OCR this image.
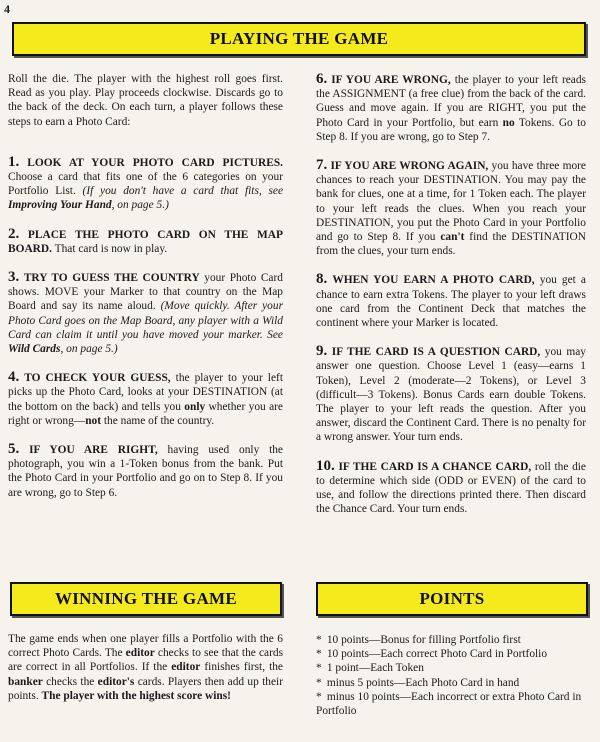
4
PLAYING THE GAME

Roll the die. The player with the highest roll goes first. Read as you play. Play proceeds clockwise. Discards go to the back of the deck. On each turn, a player follows these steps to earn a Photo Card:

1. LOOK AT YOUR PHOTO CARD PICTURES. Choose a card that fits one of the 6 categories on your Portfolio List. (If you don't have a card that fits, see Improving Your Hand, on page 5.)

2. PLACE THE PHOTO CARD ON THE MAP BOARD. That card is now in play.

3. TRY TO GUESS THE COUNTRY your Photo Card shows. MOVE your Marker to that country on the Map Board and say its name aloud. (Move quickly. After your Photo Card goes on the Map Board, any player with a Wild Card can claim it until you have moved your marker. See Wild Cards, on page 5.)

4. TO CHECK YOUR GUESS, the player to your left picks up the Photo Card, looks at your DESTINATION (at the bottom on the back) and tells you only whether you are right or wrong—not the name of the country.

5. IF YOU ARE RIGHT, having used only the photograph, you win a 1-Token bonus from the bank. Put the Photo Card in your Portfolio and go on to Step 8. If you are wrong, go to Step 6.

6. IF YOU ARE WRONG, the player to your left reads the ASSIGNMENT (a free clue) from the back of the card. Guess and move again. If you are RIGHT, you put the Photo Card in your Portfolio, but earn no Tokens. Go to Step 8. If you are wrong, go to Step 7.

7. IF YOU ARE WRONG AGAIN, you have three more chances to reach your DESTINATION. You may pay the bank for clues, one at a time, for 1 Token each. The player to your left reads the clues. When you reach your DESTINATION, you put the Photo Card in your Portfolio and go to Step 8. If you can't find the DESTINATION from the clues, your turn ends.

8. WHEN YOU EARN A PHOTO CARD, you get a chance to earn extra Tokens. The player to your left draws one card from the Continent Deck that matches the continent where your Marker is located.

9. IF THE CARD IS A QUESTION CARD, you may answer one question. Choose Level 1 (easy—earns 1 Token), Level 2 (moderate—2 Tokens), or Level 3 (difficult—3 Tokens). Bonus Cards earn double Tokens. The player to your left reads the question. After you answer, discard the Continent Card. There is no penalty for a wrong answer. Your turn ends.

10. IF THE CARD IS A CHANCE CARD, roll the die to determine which side (ODD or EVEN) of the card to use, and follow the directions printed there. Then discard the Chance Card. Your turn ends.

WINNING THE GAME	POINTS

The game ends when one player fills a Portfolio with the 6 correct Photo Cards. The editor checks to see that the cards are correct in all Portfolios. If the editor finishes first, the banker checks the editor's cards. Players then add up their points. The player with the highest score wins!

* 10 points—Bonus for filling Portfolio first
* 10 points—Each correct Photo Card in Portfolio
* 1 point—Each Token
* minus 5 points—Each Photo Card in hand
* minus 10 points—Each incorrect or extra Photo Card in Portfolio
